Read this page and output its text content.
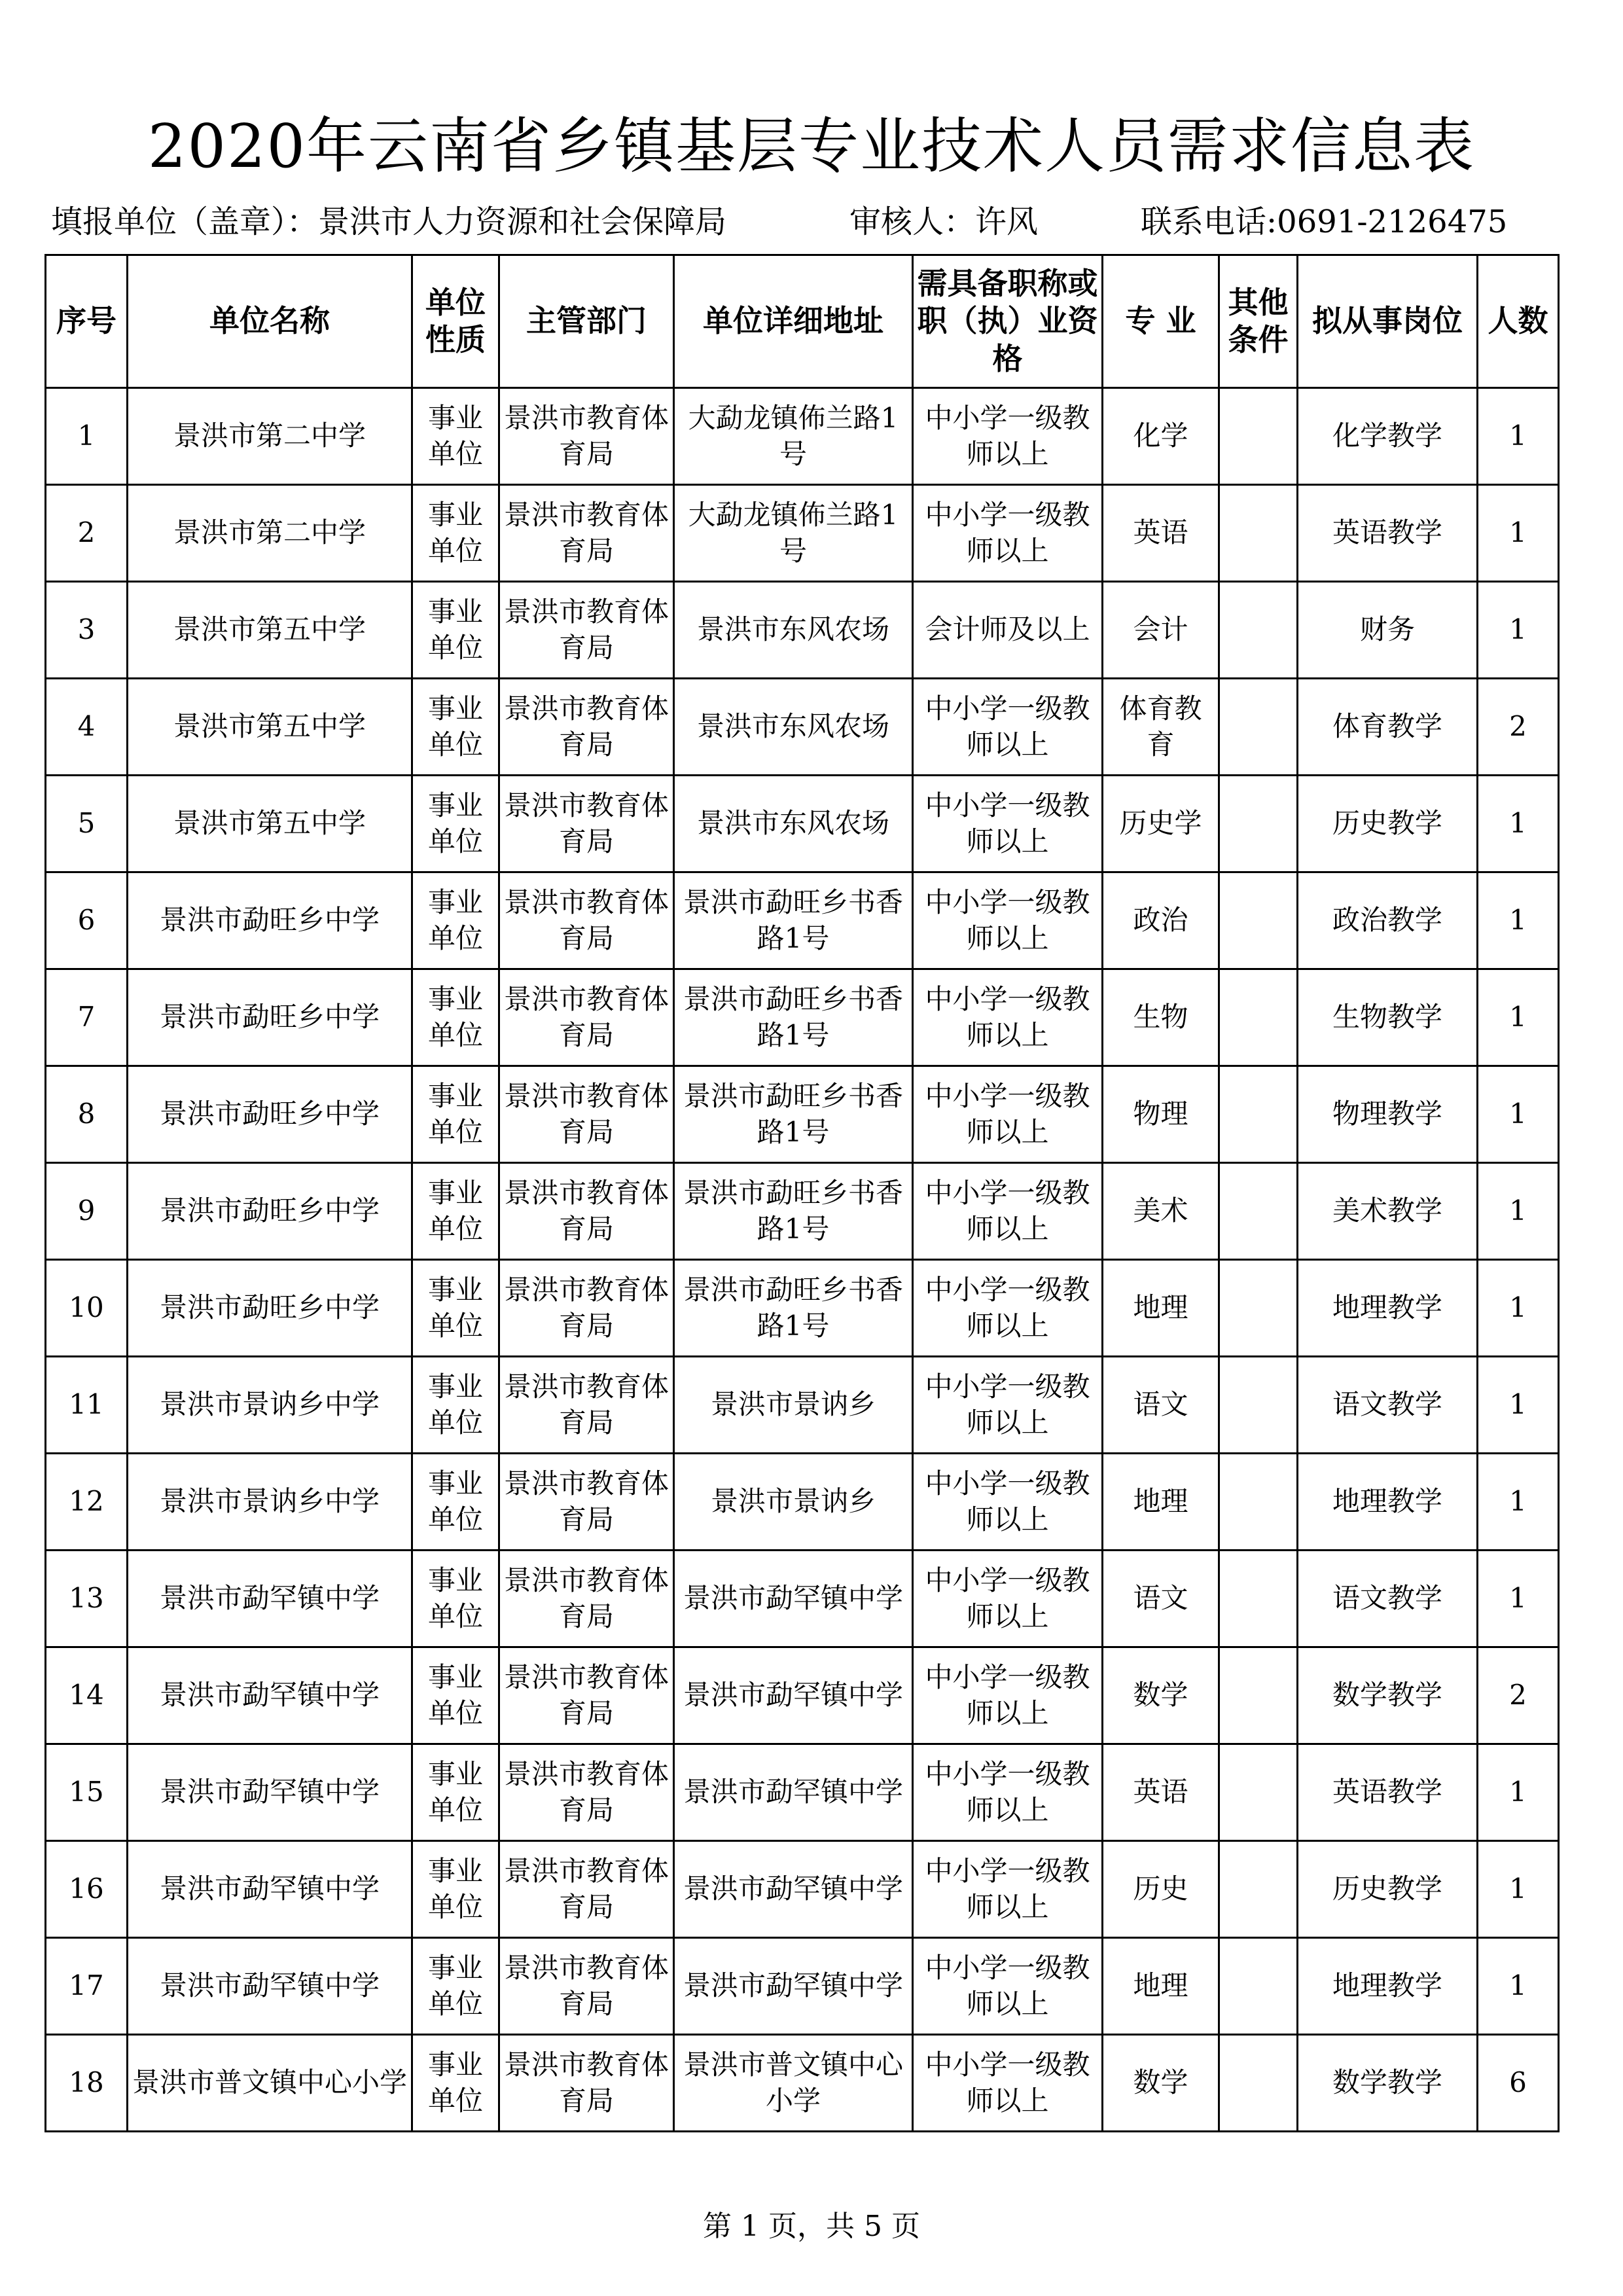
2020年云南省乡镇基层专业技术人员需求信息表
填报单位（盖章）：景洪市人力资源和社会保障局	审核人：许风	联系电话:0691-2126475
序号	单位名称	单位性质	主管部门	单位详细地址	需具备职称或职（执）业资格	专 业	其他条件	拟从事岗位	人数
1	景洪市第二中学	事业单位	景洪市教育体育局	大勐龙镇佈兰路1号	中小学一级教师以上	化学		化学教学	1
2	景洪市第二中学	事业单位	景洪市教育体育局	大勐龙镇佈兰路1号	中小学一级教师以上	英语		英语教学	1
3	景洪市第五中学	事业单位	景洪市教育体育局	景洪市东风农场	会计师及以上	会计		财务	1
4	景洪市第五中学	事业单位	景洪市教育体育局	景洪市东风农场	中小学一级教师以上	体育教育		体育教学	2
5	景洪市第五中学	事业单位	景洪市教育体育局	景洪市东风农场	中小学一级教师以上	历史学		历史教学	1
6	景洪市勐旺乡中学	事业单位	景洪市教育体育局	景洪市勐旺乡书香路1号	中小学一级教师以上	政治		政治教学	1
7	景洪市勐旺乡中学	事业单位	景洪市教育体育局	景洪市勐旺乡书香路1号	中小学一级教师以上	生物		生物教学	1
8	景洪市勐旺乡中学	事业单位	景洪市教育体育局	景洪市勐旺乡书香路1号	中小学一级教师以上	物理		物理教学	1
9	景洪市勐旺乡中学	事业单位	景洪市教育体育局	景洪市勐旺乡书香路1号	中小学一级教师以上	美术		美术教学	1
10	景洪市勐旺乡中学	事业单位	景洪市教育体育局	景洪市勐旺乡书香路1号	中小学一级教师以上	地理		地理教学	1
11	景洪市景讷乡中学	事业单位	景洪市教育体育局	景洪市景讷乡	中小学一级教师以上	语文		语文教学	1
12	景洪市景讷乡中学	事业单位	景洪市教育体育局	景洪市景讷乡	中小学一级教师以上	地理		地理教学	1
13	景洪市勐罕镇中学	事业单位	景洪市教育体育局	景洪市勐罕镇中学	中小学一级教师以上	语文		语文教学	1
14	景洪市勐罕镇中学	事业单位	景洪市教育体育局	景洪市勐罕镇中学	中小学一级教师以上	数学		数学教学	2
15	景洪市勐罕镇中学	事业单位	景洪市教育体育局	景洪市勐罕镇中学	中小学一级教师以上	英语		英语教学	1
16	景洪市勐罕镇中学	事业单位	景洪市教育体育局	景洪市勐罕镇中学	中小学一级教师以上	历史		历史教学	1
17	景洪市勐罕镇中学	事业单位	景洪市教育体育局	景洪市勐罕镇中学	中小学一级教师以上	地理		地理教学	1
18	景洪市普文镇中心小学	事业单位	景洪市教育体育局	景洪市普文镇中心小学	中小学一级教师以上	数学		数学教学	6
第 1 页，共 5 页
